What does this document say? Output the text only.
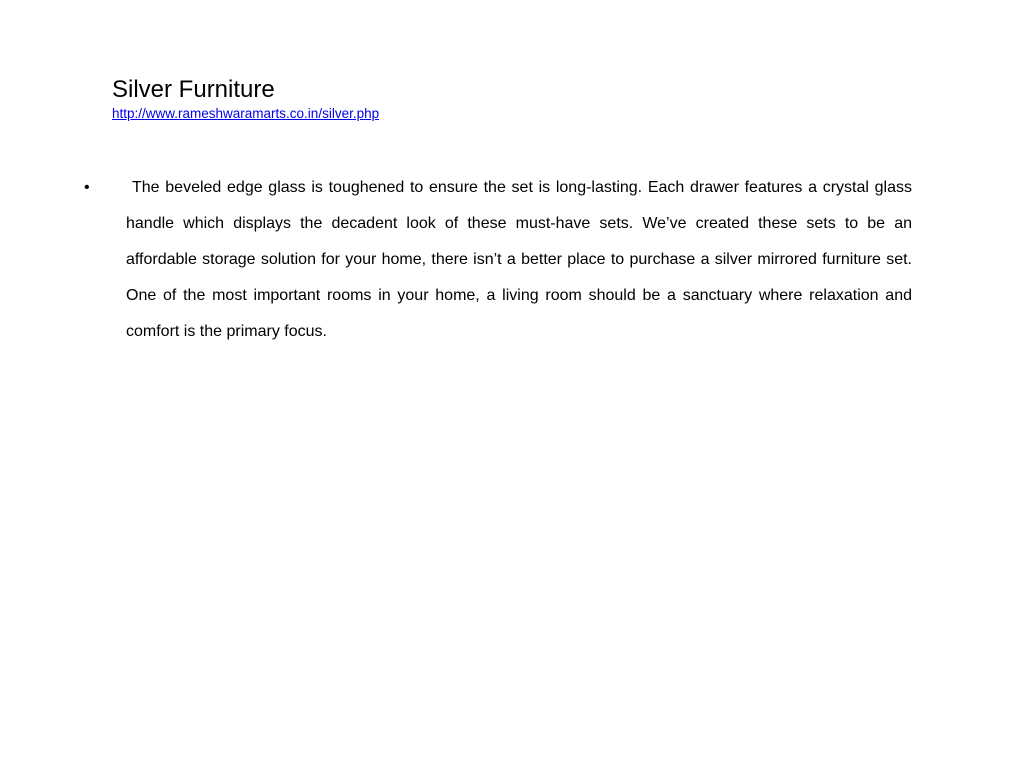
Silver Furniture
http://www.rameshwaramarts.co.in/silver.php
•	The beveled edge glass is toughened to ensure the set is long-lasting. Each drawer features a crystal glass handle which displays the decadent look of these must-have sets. We’ve created these sets to be an affordable storage solution for your home, there isn’t a better place to purchase a silver mirrored furniture set. One of the most important rooms in your home, a living room should be a sanctuary where relaxation and comfort is the primary focus.
